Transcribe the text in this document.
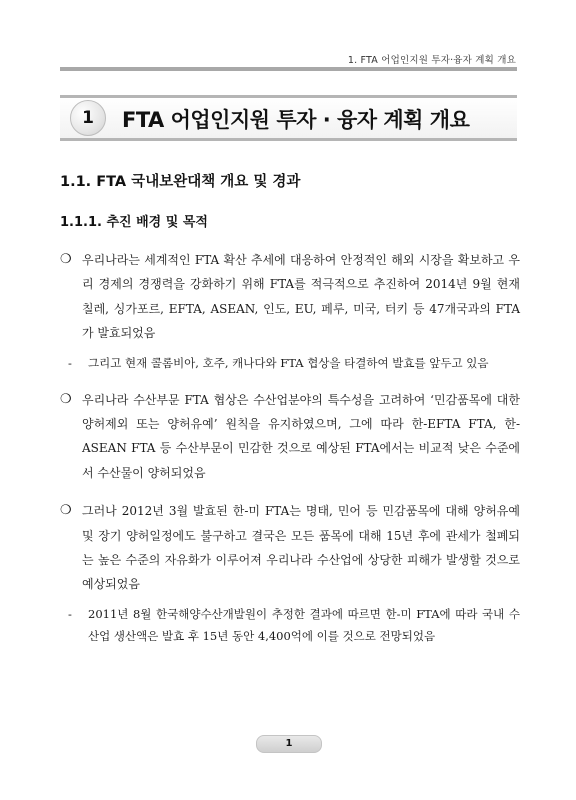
1. FTA 어업인지원 투자·융자 계획 개요
1	FTA 어업인지원 투자 · 융자 계획 개요
1.1. FTA 국내보완대책 개요 및 경과
1.1.1. 추진 배경 및 목적

❍ 우리나라는 세계적인 FTA 확산 추세에 대응하여 안정적인 해외 시장을 확보하고 우리 경제의 경쟁력을 강화하기 위해 FTA를 적극적으로 추진하여 2014년 9월 현재 칠레, 싱가포르, EFTA, ASEAN, 인도, EU, 페루, 미국, 터키 등 47개국과의 FTA가 발효되었음

- 그리고 현재 콜롬비아, 호주, 캐나다와 FTA 협상을 타결하여 발효를 앞두고 있음

❍ 우리나라 수산부문 FTA 협상은 수산업분야의 특수성을 고려하여 ‘민감품목에 대한 양허제외 또는 양허유예’ 원칙을 유지하였으며, 그에 따라 한-EFTA FTA, 한-ASEAN FTA 등 수산부문이 민감한 것으로 예상된 FTA에서는 비교적 낮은 수준에서 수산물이 양허되었음

❍ 그러나 2012년 3월 발효된 한-미 FTA는 명태, 민어 등 민감품목에 대해 양허유예 및 장기 양허일정에도 불구하고 결국은 모든 품목에 대해 15년 후에 관세가 철폐되는 높은 수준의 자유화가 이루어져 우리나라 수산업에 상당한 피해가 발생할 것으로 예상되었음

- 2011년 8월 한국해양수산개발원이 추정한 결과에 따르면 한-미 FTA에 따라 국내 수산업 생산액은 발효 후 15년 동안 4,400억에 이를 것으로 전망되었음

1
